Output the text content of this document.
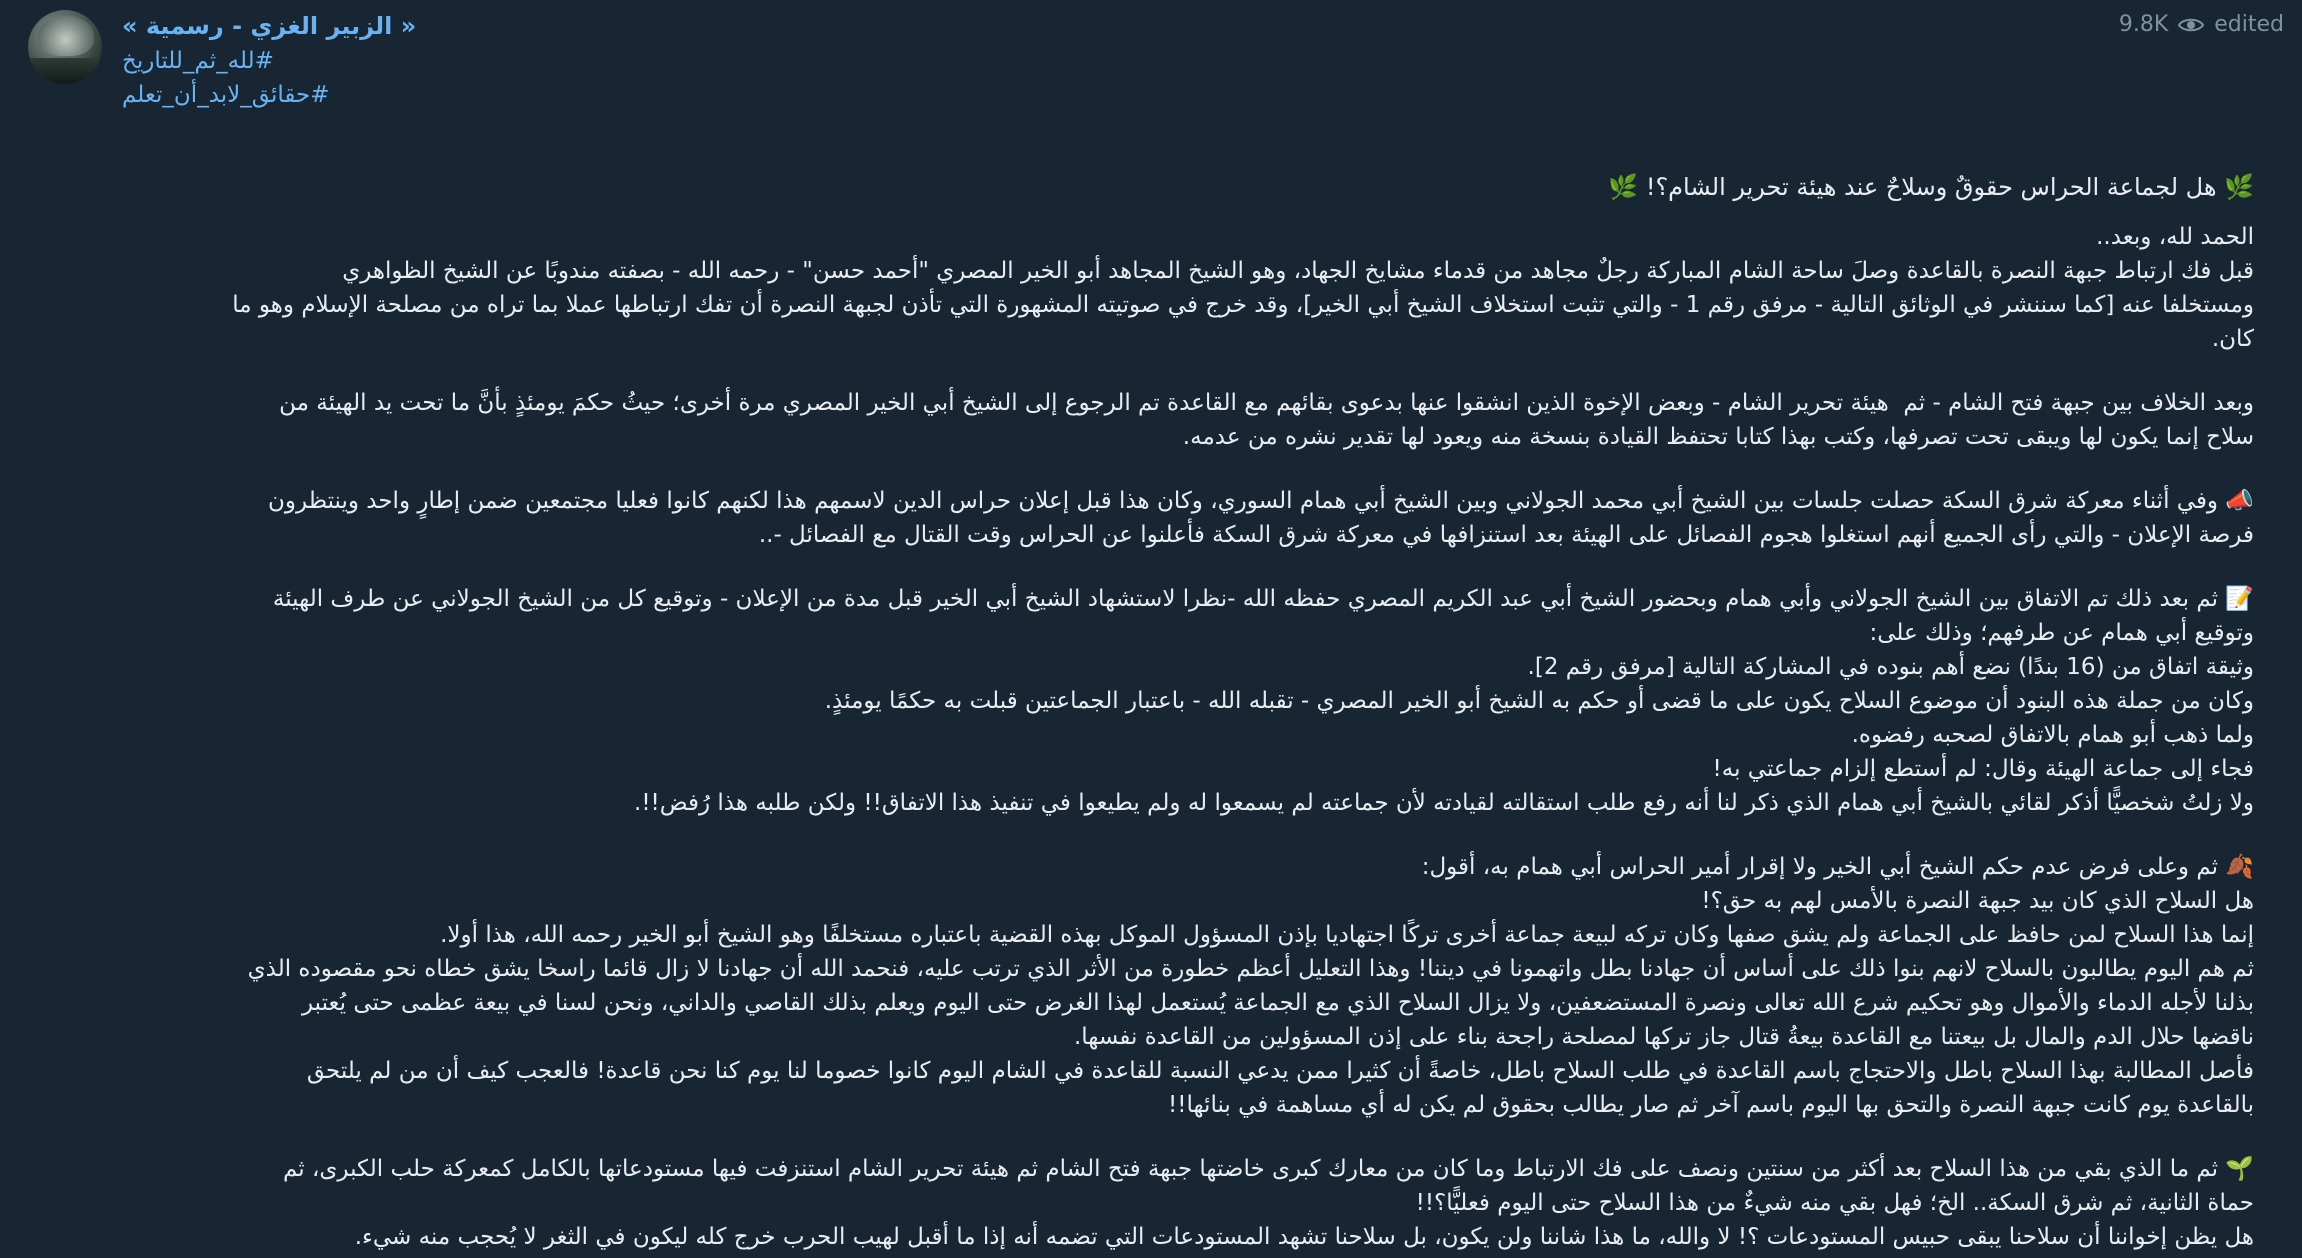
9.8K edited
« الزبير الغزي - رسمية »
#لله_ثم_للتاريخ
#حقائق_لابد_أن_تعلم
🌿 هل لجماعة الحراس حقوقٌ وسلاحٌ عند هيئة تحرير الشام؟! 🌿
الحمد لله، وبعد..
قبل فك ارتباط جبهة النصرة بالقاعدة وصلَ ساحة الشام المباركة رجلٌ مجاهد من قدماء مشايخ الجهاد، وهو الشيخ المجاهد أبو الخير المصري "أحمد حسن" - رحمه الله - بصفته مندوبًا عن الشيخ الظواهري
ومستخلفا عنه [كما سننشر في الوثائق التالية - مرفق رقم 1 - والتي تثبت استخلاف الشيخ أبي الخير]، وقد خرج في صوتيته المشهورة التي تأذن لجبهة النصرة أن تفك ارتباطها عملا بما تراه من مصلحة الإسلام وهو ما
كان.
وبعد الخلاف بين جبهة فتح الشام - ثم  هيئة تحرير الشام - وبعض الإخوة الذين انشقوا عنها بدعوى بقائهم مع القاعدة تم الرجوع إلى الشيخ أبي الخير المصري مرة أخرى؛ حيثُ حكمَ يومئذٍ بأنَّ ما تحت يد الهيئة من
سلاح إنما يكون لها ويبقى تحت تصرفها، وكتب بهذا كتابا تحتفظ القيادة بنسخة منه ويعود لها تقدير نشره من عدمه.
📣 وفي أثناء معركة شرق السكة حصلت جلسات بين الشيخ أبي محمد الجولاني وبين الشيخ أبي همام السوري، وكان هذا قبل إعلان حراس الدين لاسمهم هذا لكنهم كانوا فعليا مجتمعين ضمن إطارٍ واحد وينتظرون
فرصة الإعلان - والتي رأى الجميع أنهم استغلوا هجوم الفصائل على الهيئة بعد استنزافها في معركة شرق السكة فأعلنوا عن الحراس وقت القتال مع الفصائل -..
📝 ثم بعد ذلك تم الاتفاق بين الشيخ الجولاني وأبي همام وبحضور الشيخ أبي عبد الكريم المصري حفظه الله -نظرا لاستشهاد الشيخ أبي الخير قبل مدة من الإعلان - وتوقيع كل من الشيخ الجولاني عن طرف الهيئة
وتوقيع أبي همام عن طرفهم؛ وذلك على:
وثيقة اتفاق من (16 بندًا) نضع أهم بنوده في المشاركة التالية [مرفق رقم 2].
وكان من جملة هذه البنود أن موضوع السلاح يكون على ما قضى أو حكم به الشيخ أبو الخير المصري - تقبله الله - باعتبار الجماعتين قبلت به حكمًا يومئذٍ.
ولما ذهب أبو همام بالاتفاق لصحبه رفضوه.
فجاء إلى جماعة الهيئة وقال: لم أستطع إلزام جماعتي به!
ولا زلتُ شخصيًّا أذكر لقائي بالشيخ أبي همام الذي ذكر لنا أنه رفع طلب استقالته لقيادته لأن جماعته لم يسمعوا له ولم يطيعوا في تنفيذ هذا الاتفاق!! ولكن طلبه هذا رُفض!!.
🍂 ثم وعلى فرض عدم حكم الشيخ أبي الخير ولا إقرار أمير الحراس أبي همام به، أقول:
هل السلاح الذي كان بيد جبهة النصرة بالأمس لهم به حق؟!
إنما هذا السلاح لمن حافظ على الجماعة ولم يشق صفها وكان تركه لبيعة جماعة أخرى تركًا اجتهاديا بإذن المسؤول الموكل بهذه القضية باعتباره مستخلفًا وهو الشيخ أبو الخير رحمه الله، هذا أولا.
ثم هم اليوم يطالبون بالسلاح لانهم بنوا ذلك على أساس أن جهادنا بطل واتهمونا في ديننا! وهذا التعليل أعظم خطورة من الأثر الذي ترتب عليه، فنحمد الله أن جهادنا لا زال قائما راسخا يشق خطاه نحو مقصوده الذي
بذلنا لأجله الدماء والأموال وهو تحكيم شرع الله تعالى ونصرة المستضعفين، ولا يزال السلاح الذي مع الجماعة يُستعمل لهذا الغرض حتى اليوم ويعلم بذلك القاصي والداني، ونحن لسنا في بيعة عظمى حتى يُعتبر
ناقضها حلال الدم والمال بل بيعتنا مع القاعدة بيعةُ قتال جاز تركها لمصلحة راجحة بناء على إذن المسؤولين من القاعدة نفسها.
فأصل المطالبة بهذا السلاح باطل والاحتجاج باسم القاعدة في طلب السلاح باطل، خاصةً أن كثيرا ممن يدعي النسبة للقاعدة في الشام اليوم كانوا خصوما لنا يوم كنا نحن قاعدة! فالعجب كيف أن من لم يلتحق
بالقاعدة يوم كانت جبهة النصرة والتحق بها اليوم باسم آخر ثم صار يطالب بحقوق لم يكن له أي مساهمة في بنائها!!
🌱 ثم ما الذي بقي من هذا السلاح بعد أكثر من سنتين ونصف على فك الارتباط وما كان من معارك كبرى خاضتها جبهة فتح الشام ثم هيئة تحرير الشام استنزفت فيها مستودعاتها بالكامل كمعركة حلب الكبرى، ثم
حماة الثانية، ثم شرق السكة.. الخ؛ فهل بقي منه شيءٌ من هذا السلاح حتى اليوم فعليًّا؟!!
هل يظن إخواننا أن سلاحنا يبقى حبيس المستودعات ؟! لا والله، ما هذا شاننا ولن يكون، بل سلاحنا تشهد المستودعات التي تضمه أنه إذا ما أقبل لهيب الحرب خرج كله ليكون في الثغر لا يُحجب منه شيء.
